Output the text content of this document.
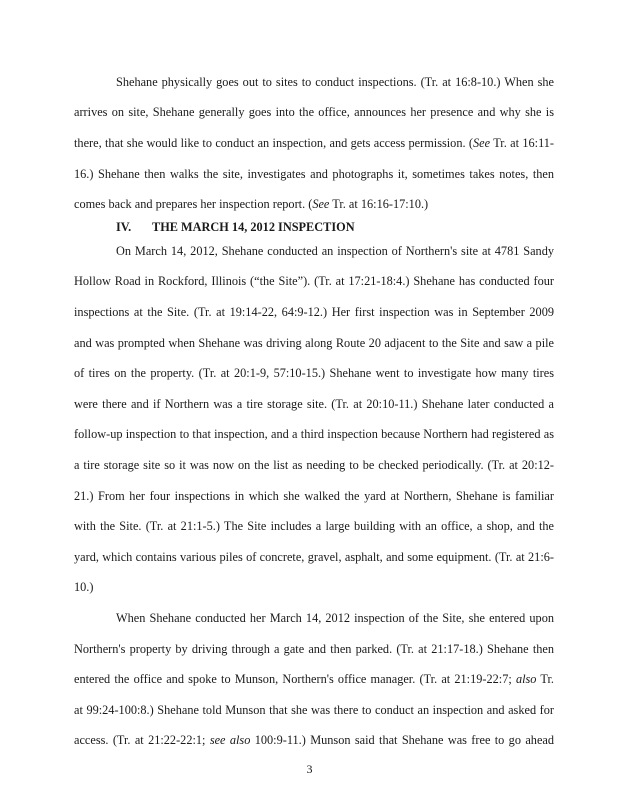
Shehane physically goes out to sites to conduct inspections. (Tr. at 16:8-10.) When she
arrives on site, Shehane generally goes into the office, announces her presence and why she is
there, that she would like to conduct an inspection, and gets access permission. (See Tr. at 16:11-
16.) Shehane then walks the site, investigates and photographs it, sometimes takes notes, then
comes back and prepares her inspection report. (See Tr. at 16:16-17:10.)
IV. THE MARCH 14, 2012 INSPECTION
On March 14, 2012, Shehane conducted an inspection of Northern's site at 4781 Sandy
Hollow Road in Rockford, Illinois (“the Site”). (Tr. at 17:21-18:4.) Shehane has conducted four
inspections at the Site. (Tr. at 19:14-22, 64:9-12.) Her first inspection was in September 2009
and was prompted when Shehane was driving along Route 20 adjacent to the Site and saw a pile
of tires on the property. (Tr. at 20:1-9, 57:10-15.) Shehane went to investigate how many tires
were there and if Northern was a tire storage site. (Tr. at 20:10-11.) Shehane later conducted a
follow-up inspection to that inspection, and a third inspection because Northern had registered as
a tire storage site so it was now on the list as needing to be checked periodically. (Tr. at 20:12-
21.) From her four inspections in which she walked the yard at Northern, Shehane is familiar
with the Site. (Tr. at 21:1-5.) The Site includes a large building with an office, a shop, and the
yard, which contains various piles of concrete, gravel, asphalt, and some equipment. (Tr. at 21:6-
10.)
When Shehane conducted her March 14, 2012 inspection of the Site, she entered upon
Northern's property by driving through a gate and then parked. (Tr. at 21:17-18.) Shehane then
entered the office and spoke to Munson, Northern's office manager. (Tr. at 21:19-22:7; also Tr.
at 99:24-100:8.) Shehane told Munson that she was there to conduct an inspection and asked for
access. (Tr. at 21:22-22:1; see also 100:9-11.) Munson said that Shehane was free to go ahead
3
